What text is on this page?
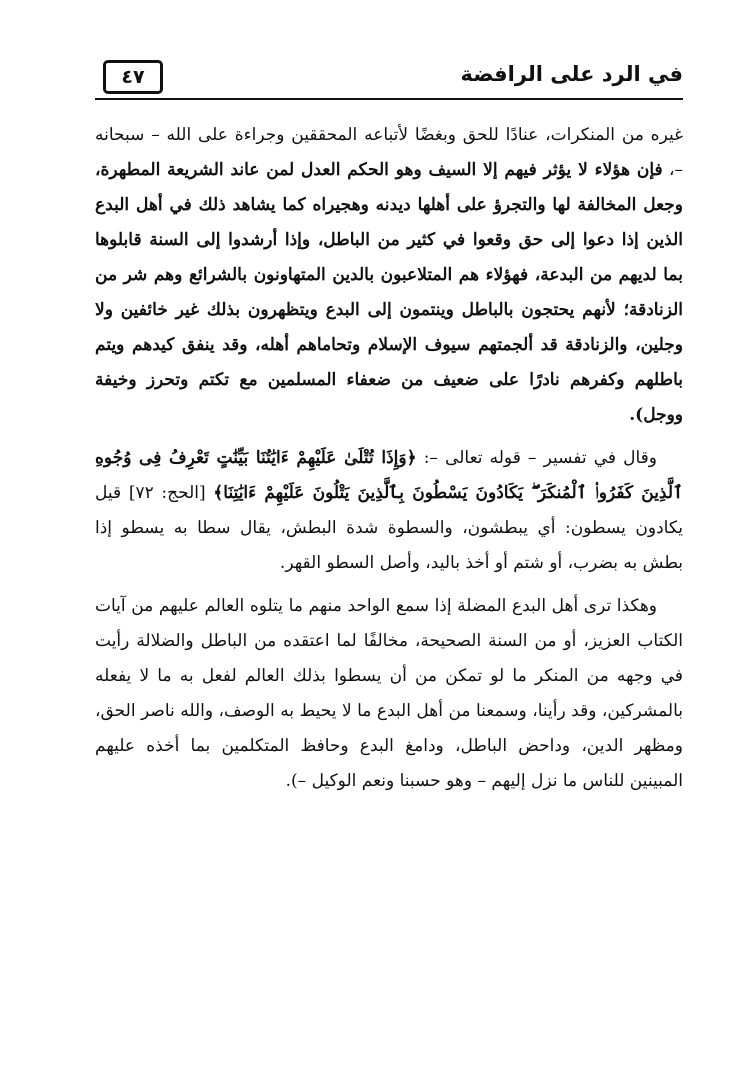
في الرد على الرافضة
٤٧

غيره من المنكرات، عنادًا للحق وبغضًا لأتباعه المحققين وجراءة على الله – سبحانه –، فإن هؤلاء لا يؤثر فيهم إلا السيف وهو الحكم العدل لمن عاند الشريعة المطهرة، وجعل المخالفة لها والتجرؤ على أهلها ديدنه وهجيراه كما يشاهد ذلك في أهل البدع الذين إذا دعوا إلى حق وقعوا في كثير من الباطل، وإذا أرشدوا إلى السنة قابلوها بما لديهم من البدعة، فهؤلاء هم المتلاعبون بالدين المتهاونون بالشرائع وهم شر من الزنادقة؛ لأنهم يحتجون بالباطل وينتمون إلى البدع ويتظهرون بذلك غير خائفين ولا وجلين، والزنادقة قد ألجمتهم سيوف الإسلام وتحاماهم أهله، وقد ينفق كيدهم ويتم باطلهم وكفرهم نادرًا على ضعيف من ضعفاء المسلمين مع تكتم وتحرز وخيفة ووجل).

وقال في تفسير – قوله تعالى –: ﴿وَإِذَا تُتْلَىٰ عَلَيْهِمْ ءَايَٰتُنَا بَيِّنَٰتٍ تَعْرِفُ فِى وُجُوهِ ٱلَّذِينَ كَفَرُوا۟ ٱلْمُنكَرَ ۖ يَكَادُونَ يَسْطُونَ بِٱلَّذِينَ يَتْلُونَ عَلَيْهِمْ ءَايَٰتِنَا﴾ [الحج: ٧٢] قيل يكادون يسطون: أي يبطشون، والسطوة شدة البطش، يقال سطا به يسطو إذا بطش به بضرب، أو شتم أو أخذ باليد، وأصل السطو القهر.

وهكذا ترى أهل البدع المضلة إذا سمع الواحد منهم ما يتلوه العالم عليهم من آيات الكتاب العزيز، أو من السنة الصحيحة، مخالفًا لما اعتقده من الباطل والضلالة رأيت في وجهه من المنكر ما لو تمكن من أن يسطوا بذلك العالم لفعل به ما لا يفعله بالمشركين، وقد رأينا، وسمعنا من أهل البدع ما لا يحيط به الوصف، والله ناصر الحق، ومظهر الدين، وداحض الباطل، ودامغ البدع وحافظ المتكلمين بما أخذه عليهم المبينين للناس ما نزل إليهم – وهو حسبنا ونعم الوكيل –).
